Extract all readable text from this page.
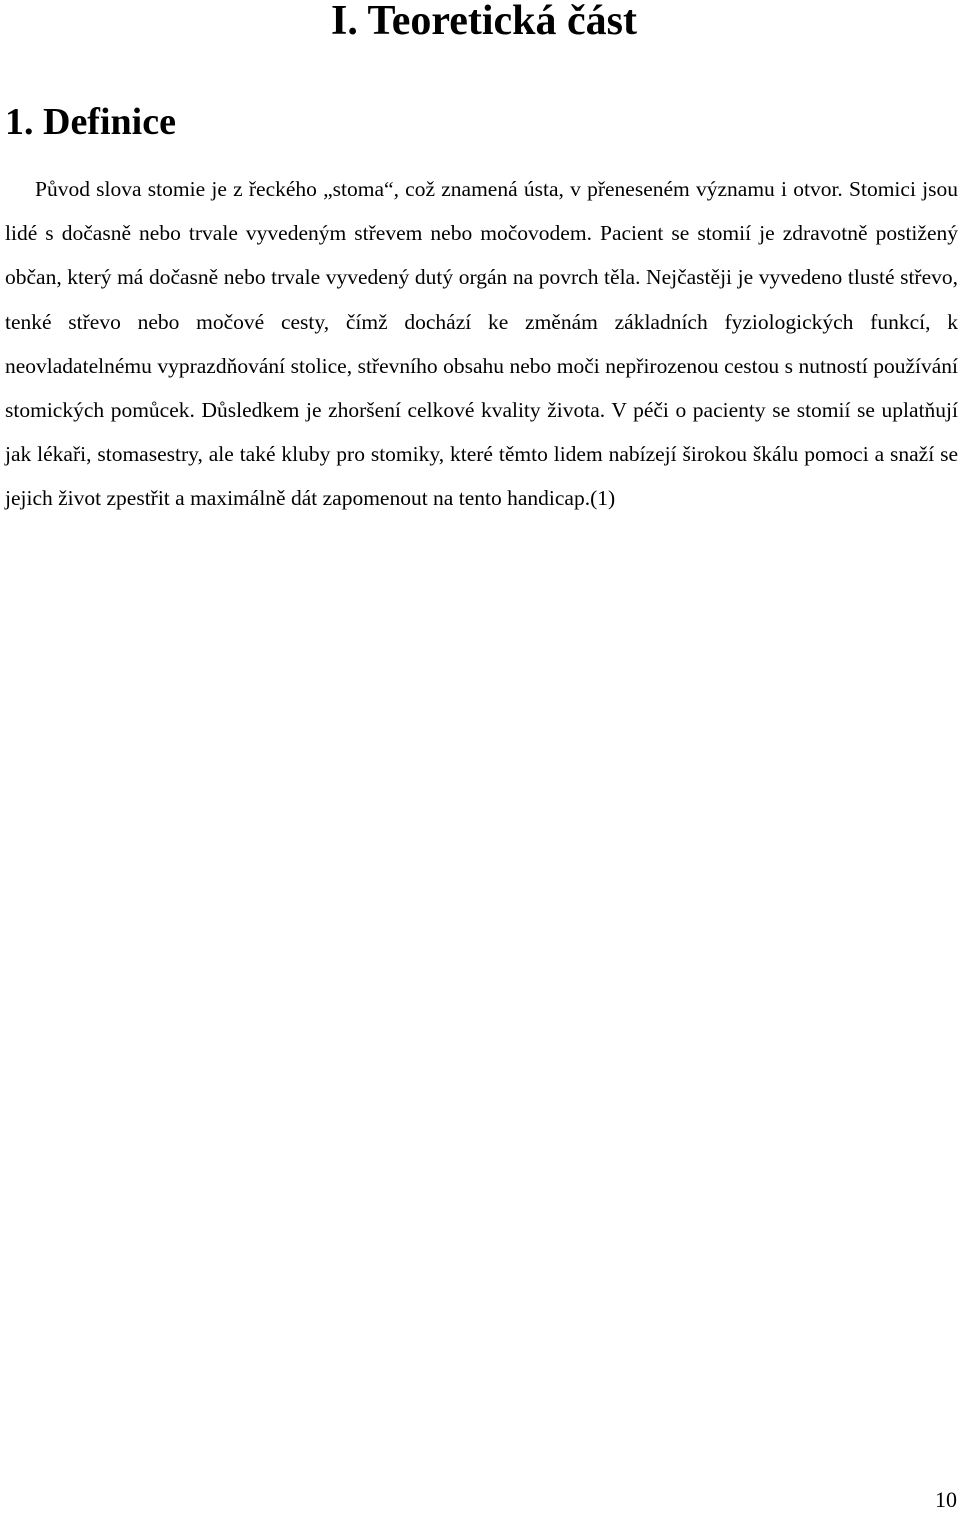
I. Teoretická část
1. Definice

Původ slova stomie je z řeckého „stoma“, což znamená ústa, v přeneseném významu i otvor. Stomici jsou lidé s dočasně nebo trvale vyvedeným střevem nebo močovodem. Pacient se stomií je zdravotně postižený občan, který má dočasně nebo trvale vyvedený dutý orgán na povrch těla. Nejčastěji je vyvedeno tlusté střevo, tenké střevo nebo močové cesty, čímž dochází ke změnám základních fyziologických funkcí, k neovladatelnému vyprazdňování stolice, střevního obsahu nebo moči nepřirozenou cestou s nutností používání stomických pomůcek. Důsledkem je zhoršení celkové kvality života. V péči o pacienty se stomií se uplatňují jak lékaři, stomasestry, ale také kluby pro stomiky, které těmto lidem nabízejí širokou škálu pomoci a snaží se jejich život zpestřit a maximálně dát zapomenout na tento handicap.(1)

10
